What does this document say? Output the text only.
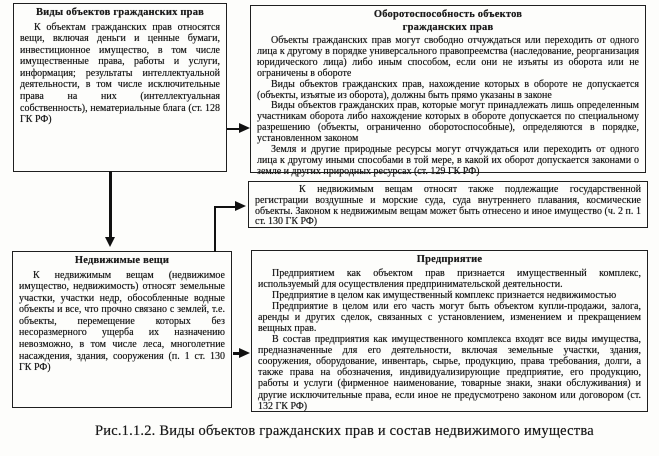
Виды объектов гражданских прав

К объектам гражданских прав относятся вещи, включая деньги и ценные бумаги, инвестиционное имущество, в том числе имущественные права, работы и услуги, информация; результаты интеллектуальной деятельности, в том числе исключительные права на них (интеллектуальная собственность), нематериальные блага (ст. 128 ГК РФ)

Оборотоспособность объектов
гражданских прав

Объекты гражданских прав могут свободно отчуждаться или переходить от одного лица к другому в порядке универсального правопреемства (наследование, реорганизация юридического лица) либо иным способом, если они не изъяты из оборота или не ограничены в обороте

Виды объектов гражданских прав, нахождение которых в обороте не допускается (объекты, изъятые из оборота), должны быть прямо указаны в законе

Виды объектов гражданских прав, которые могут принадлежать лишь определенным участникам оборота либо нахождение которых в обороте допускается по специальному разрешению (объекты, ограниченно оборотоспособные), определяются в порядке, установленном законом

Земля и другие природные ресурсы могут отчуждаться или переходить от одного лица к другому иными способами в той мере, в какой их оборот допускается законами о земле и других природных ресурсах (ст. 129 ГК РФ)

К недвижимым вещам относят также подлежащие государственной регистрации воздушные и морские суда, суда внутреннего плавания, космические объекты. Законом к недвижимым вещам может быть отнесено и иное имущество (ч. 2 п. 1 ст. 130 ГК РФ)

Недвижимые вещи

К недвижимым вещам (недвижимое имущество, недвижимость) относят земельные участки, участки недр, обособленные водные объекты и все, что прочно связано с землей, т.е. объекты, перемещение которых без несоразмерного ущерба их назначению невозможно, в том числе леса, многолетние насаждения, здания, сооружения (п. 1 ст. 130 ГК РФ)

Предприятие

Предприятием как объектом прав признается имущественный комплекс, используемый для осуществления предпринимательской деятельности.

Предприятие в целом как имущественный комплекс признается недвижимостью

Предприятие в целом или его часть могут быть объектом купли-продажи, залога, аренды и других сделок, связанных с установлением, изменением и прекращением вещных прав.

В состав предприятия как имущественного комплекса входят все виды имущества, предназначенные для его деятельности, включая земельные участки, здания, сооружения, оборудование, инвентарь, сырье, продукцию, права требования, долги, а также права на обозначения, индивидуализирующие предприятие, его продукцию, работы и услуги (фирменное наименование, товарные знаки, знаки обслуживания) и другие исключительные права, если иное не предусмотрено законом или договором (ст. 132 ГК РФ)

Рис.1.1.2. Виды объектов гражданских прав и состав недвижимого имущества
